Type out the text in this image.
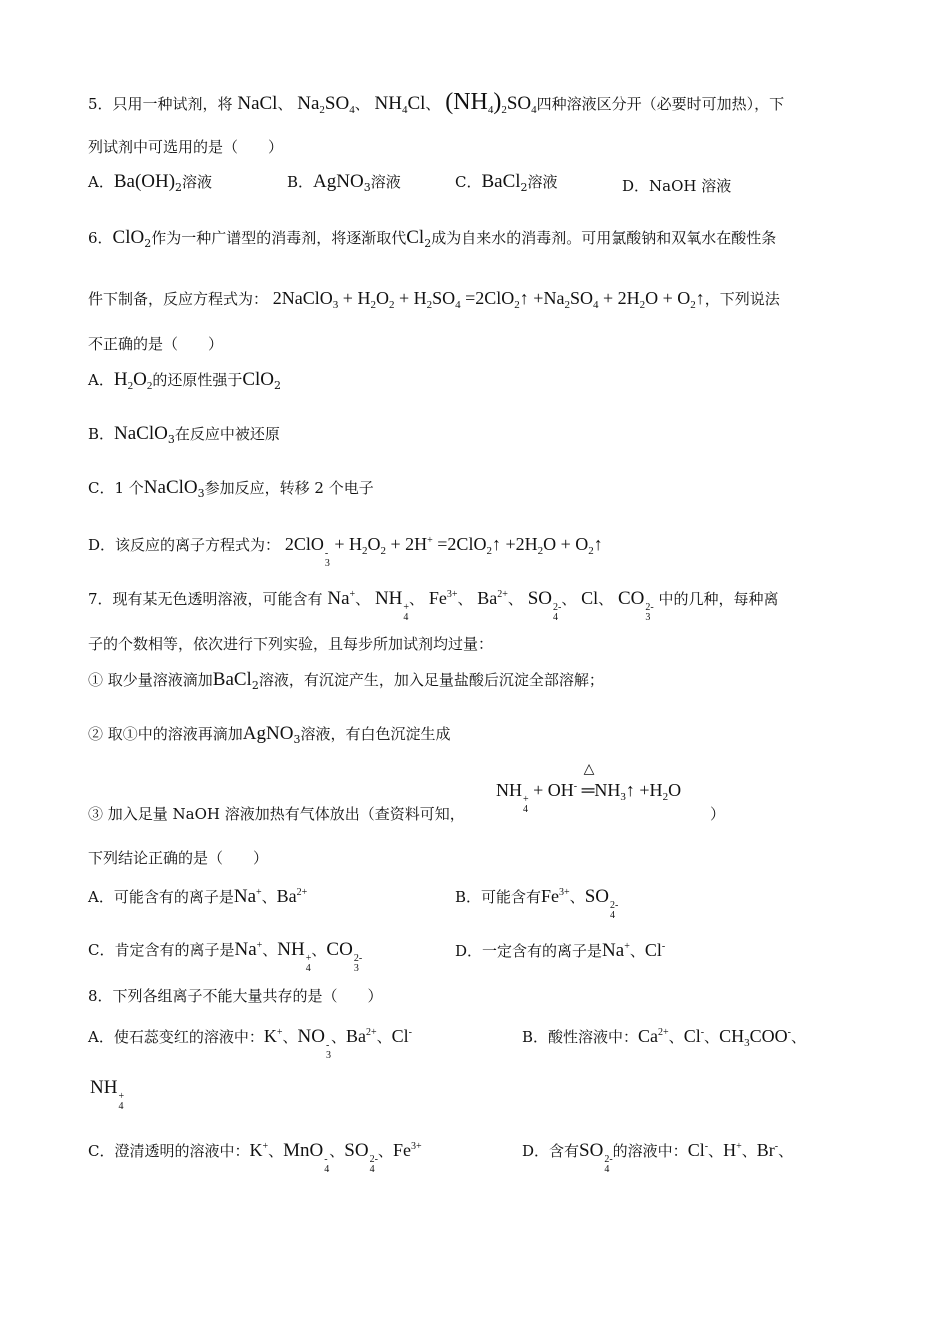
5．只用一种试剂，将 NaCl、 $Na_2SO_4$、 $NH_4Cl$、 $(NH_4)_2SO_4$四种溶液区分开（必要时可加热），下
列试剂中可选用的是（　　）
A．$Ba(OH)_2$溶液	B．AgNO$_3$溶液	C．BaCl$_2$溶液	D．NaOH 溶液
6．ClO$_2$作为一种广谱型的消毒剂，将逐渐取代$Cl_2$成为自来水的消毒剂。可用氯酸钠和双氧水在酸性条
件下制备，反应方程式为： 2NaClO$_3$ + $H_2O_2 + H_2SO_4$ =2ClO$_2$↑ $+Na_2SO_4 + 2H_2O$ + $O_2↑$，下列说法
不正确的是（　　）
A．$H_2O_2$的还原性强于ClO$_2$
B．NaClO$_3$在反应中被还原
C．1 个NaClO$_3$参加反应，转移 2 个电子
D．该反应的离子方程式为： 2ClO -
3
+ $H_2O_2 + 2H^+$ =2ClO$_2$↑ $+2H_2O$ + $O_2↑$
7．现有某无色透明溶液，可能含有 Na+、 NH +
4
、 $Fe^{3+}$、 $Ba^{2+}$、 SO 2-
4
、 Cl、 CO 2-
3
中的几种，每种离
子的个数相等，依次进行下列实验，且每步所加试剂均过量：
① 取少量溶液滴加BaCl$_2$溶液，有沉淀产生，加入足量盐酸后沉淀全部溶解；
② 取①中的溶液再滴加AgNO$_3$溶液，有白色沉淀生成
NH +
4
+ OH-
△
$═NH_3↑ +H_2O$
③ 加入足量 NaOH 溶液加热有气体放出（查资料可知，	）
下列结论正确的是（　　）
A．可能含有的离子是Na+、$Ba^{2+}$	B．可能含有$Fe^{3+}$、SO 2-
4
C．肯定含有的离子是Na+、NH +
4
、CO 2-
3
D．一定含有的离子是Na+、Cl-
8．下列各组离子不能大量共存的是（　　）
A．使石蕊变红的溶液中：K+、NO -
3
、$Ba^{2+}$、Cl-	B．酸性溶液中：$Ca^{2+}$、Cl-、$CH_3COO^-$、
NH +
4
C．澄清透明的溶液中：K+、MnO -
4
、SO 2-
4
、$Fe^{3+}$	D．含有SO 2-
4
的溶液中：Cl-、H+、Br-、
